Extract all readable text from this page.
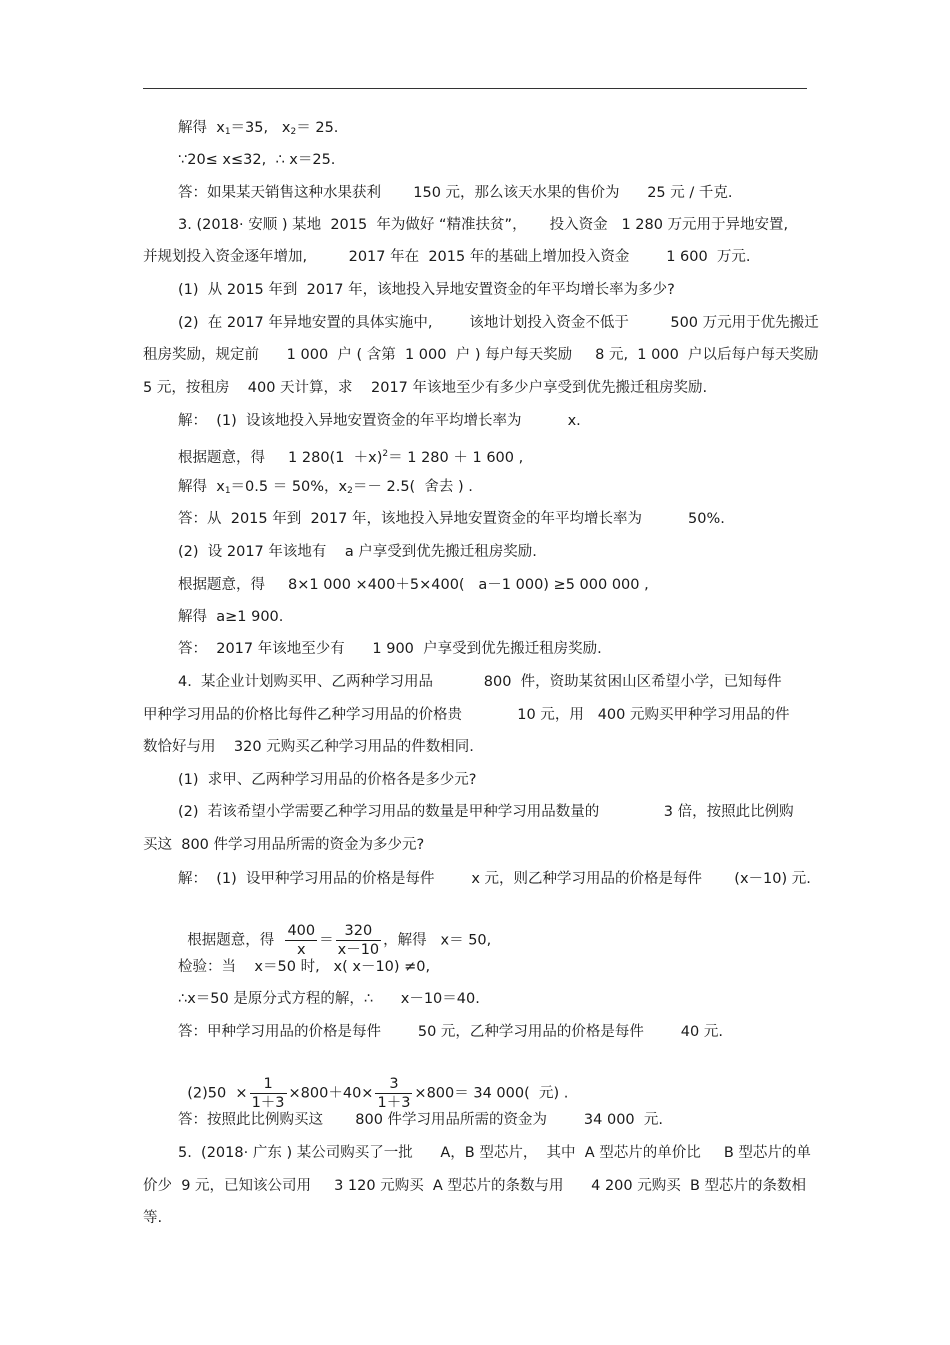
解得  $x_1=35$,   $x_2= 25$.
∵20≤ x≤32,  ∴ x＝25.
答：如果某天销售这种水果获利       150 元，那么该天水果的售价为      25 元 / 千克.
3. (2018· 安顺 ) 某地  2015  年为做好 “精准扶贫”，     投入资金   1 280 万元用于异地安置,
并规划投入资金逐年增加,         2017 年在  2015 年的基础上增加投入资金        1 600  万元.
(1)  从 2015 年到  2017 年，该地投入异地安置资金的年平均增长率为多少?
(2)  在 2017 年异地安置的具体实施中,        该地计划投入资金不低于         500 万元用于优先搬迁
租房奖励，规定前      1 000  户 ( 含第  1 000  户 ) 每户每天奖励     8 元,  1 000  户以后每户每天奖励
5 元，按租房    400 天计算，求    2017 年该地至少有多少户享受到优先搬迁租房奖励.
解：  (1)  设该地投入异地安置资金的年平均增长率为          x.
根据题意，得     1 $280(1 +x)^2= 1$ 280 ＋ 1 600 ,
解得  $x_1=0.5 = 50\%$，$x_2=- 2.5$(  舍去 ) .
答：从  2015 年到  2017 年，该地投入异地安置资金的年平均增长率为          50%.
(2)  设 2017 年该地有    a 户享受到优先搬迁租房奖励.
根据题意，得     8×1 000 ×400＋5×400(   a－1 000) ≥5 000 000 ,
解得  a≥1 900.
答：  2017 年该地至少有      1 900  户享受到优先搬迁租房奖励.
4.  某企业计划购买甲、乙两种学习用品           800  件，资助某贫困山区希望小学，已知每件
甲种学习用品的价格比每件乙种学习用品的价格贵            10 元，用   400 元购买甲种学习用品的件
数恰好与用    320 元购买乙种学习用品的件数相同.
(1)  求甲、乙两种学习用品的价格各是多少元?
(2)  若该希望小学需要乙种学习用品的数量是甲种学习用品数量的              3 倍，按照此比例购
买这  800 件学习用品所需的资金为多少元?
解：  (1)  设甲种学习用品的价格是每件        x 元，则乙种学习用品的价格是每件       (x－10) 元.

根据题意，得 $\frac{400}{x} = \frac{320}{x-10}$ ，解得   x＝ 50,

检验：当    x＝50 时,   x( x－10) ≠0,
∴x＝50 是原分式方程的解，∴      x－10＝40.
答：甲种学习用品的价格是每件        50 元，乙种学习用品的价格是每件        40 元.

$(2)50 \times \frac{1}{1+3} \times 800+40\times \frac{3}{1+3} \times 800= 34$ 000(  元) .

答：按照此比例购买这       800 件学习用品所需的资金为        34 000  元.
5.  (2018· 广东 ) 某公司购买了一批      A，B 型芯片，  其中  A 型芯片的单价比     B 型芯片的单
价少  9 元，已知该公司用     3 120 元购买  A 型芯片的条数与用      4 200 元购买  B 型芯片的条数相
等.
